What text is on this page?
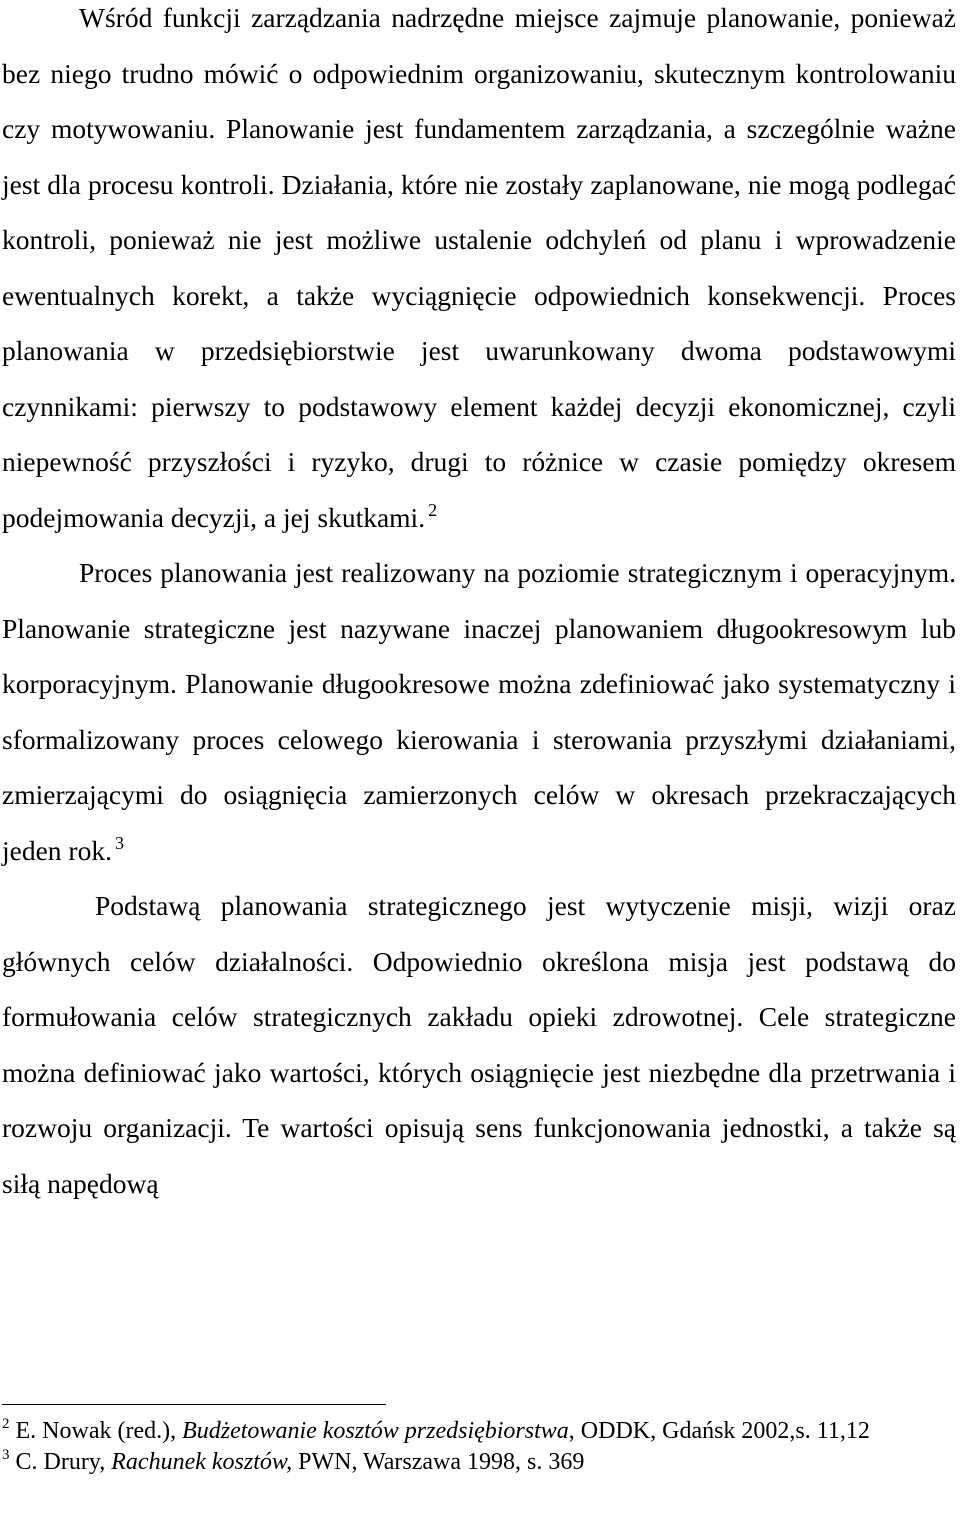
Wśród funkcji zarządzania nadrzędne miejsce zajmuje planowanie, ponieważ bez niego trudno mówić o odpowiednim organizowaniu, skutecznym kontrolowaniu czy motywowaniu. Planowanie jest fundamentem zarządzania, a szczególnie ważne jest dla procesu kontroli. Działania, które nie zostały zaplanowane, nie mogą podlegać kontroli, ponieważ nie jest możliwe ustalenie odchyleń od planu i wprowadzenie ewentualnych korekt, a także wyciągnięcie odpowiednich konsekwencji. Proces planowania w przedsiębiorstwie jest uwarunkowany dwoma podstawowymi czynnikami: pierwszy to podstawowy element każdej decyzji ekonomicznej, czyli niepewność przyszłości i ryzyko, drugi to różnice w czasie pomiędzy okresem podejmowania decyzji, a jej skutkami. $^2$

Proces planowania jest realizowany na poziomie strategicznym i operacyjnym. Planowanie strategiczne jest nazywane inaczej planowaniem długookresowym lub korporacyjnym. Planowanie długookresowe można zdefiniować jako systematyczny i sformalizowany proces celowego kierowania i sterowania przyszłymi działaniami, zmierzającymi do osiągnięcia zamierzonych celów w okresach przekraczających jeden rok. $^3$

Podstawą planowania strategicznego jest wytyczenie misji, wizji oraz głównych celów działalności. Odpowiednio określona misja jest podstawą do formułowania celów strategicznych zakładu opieki zdrowotnej. Cele strategiczne można definiować jako wartości, których osiągnięcie jest niezbędne dla przetrwania i rozwoju organizacji. Te wartości opisują sens funkcjonowania jednostki, a także są siłą napędową

$^2$ E. Nowak (red.), Budżetowanie kosztów przedsiębiorstwa, ODDK, Gdańsk 2002,s. 11,12

$^3$ C. Drury, Rachunek kosztów, PWN, Warszawa 1998, s. 369
